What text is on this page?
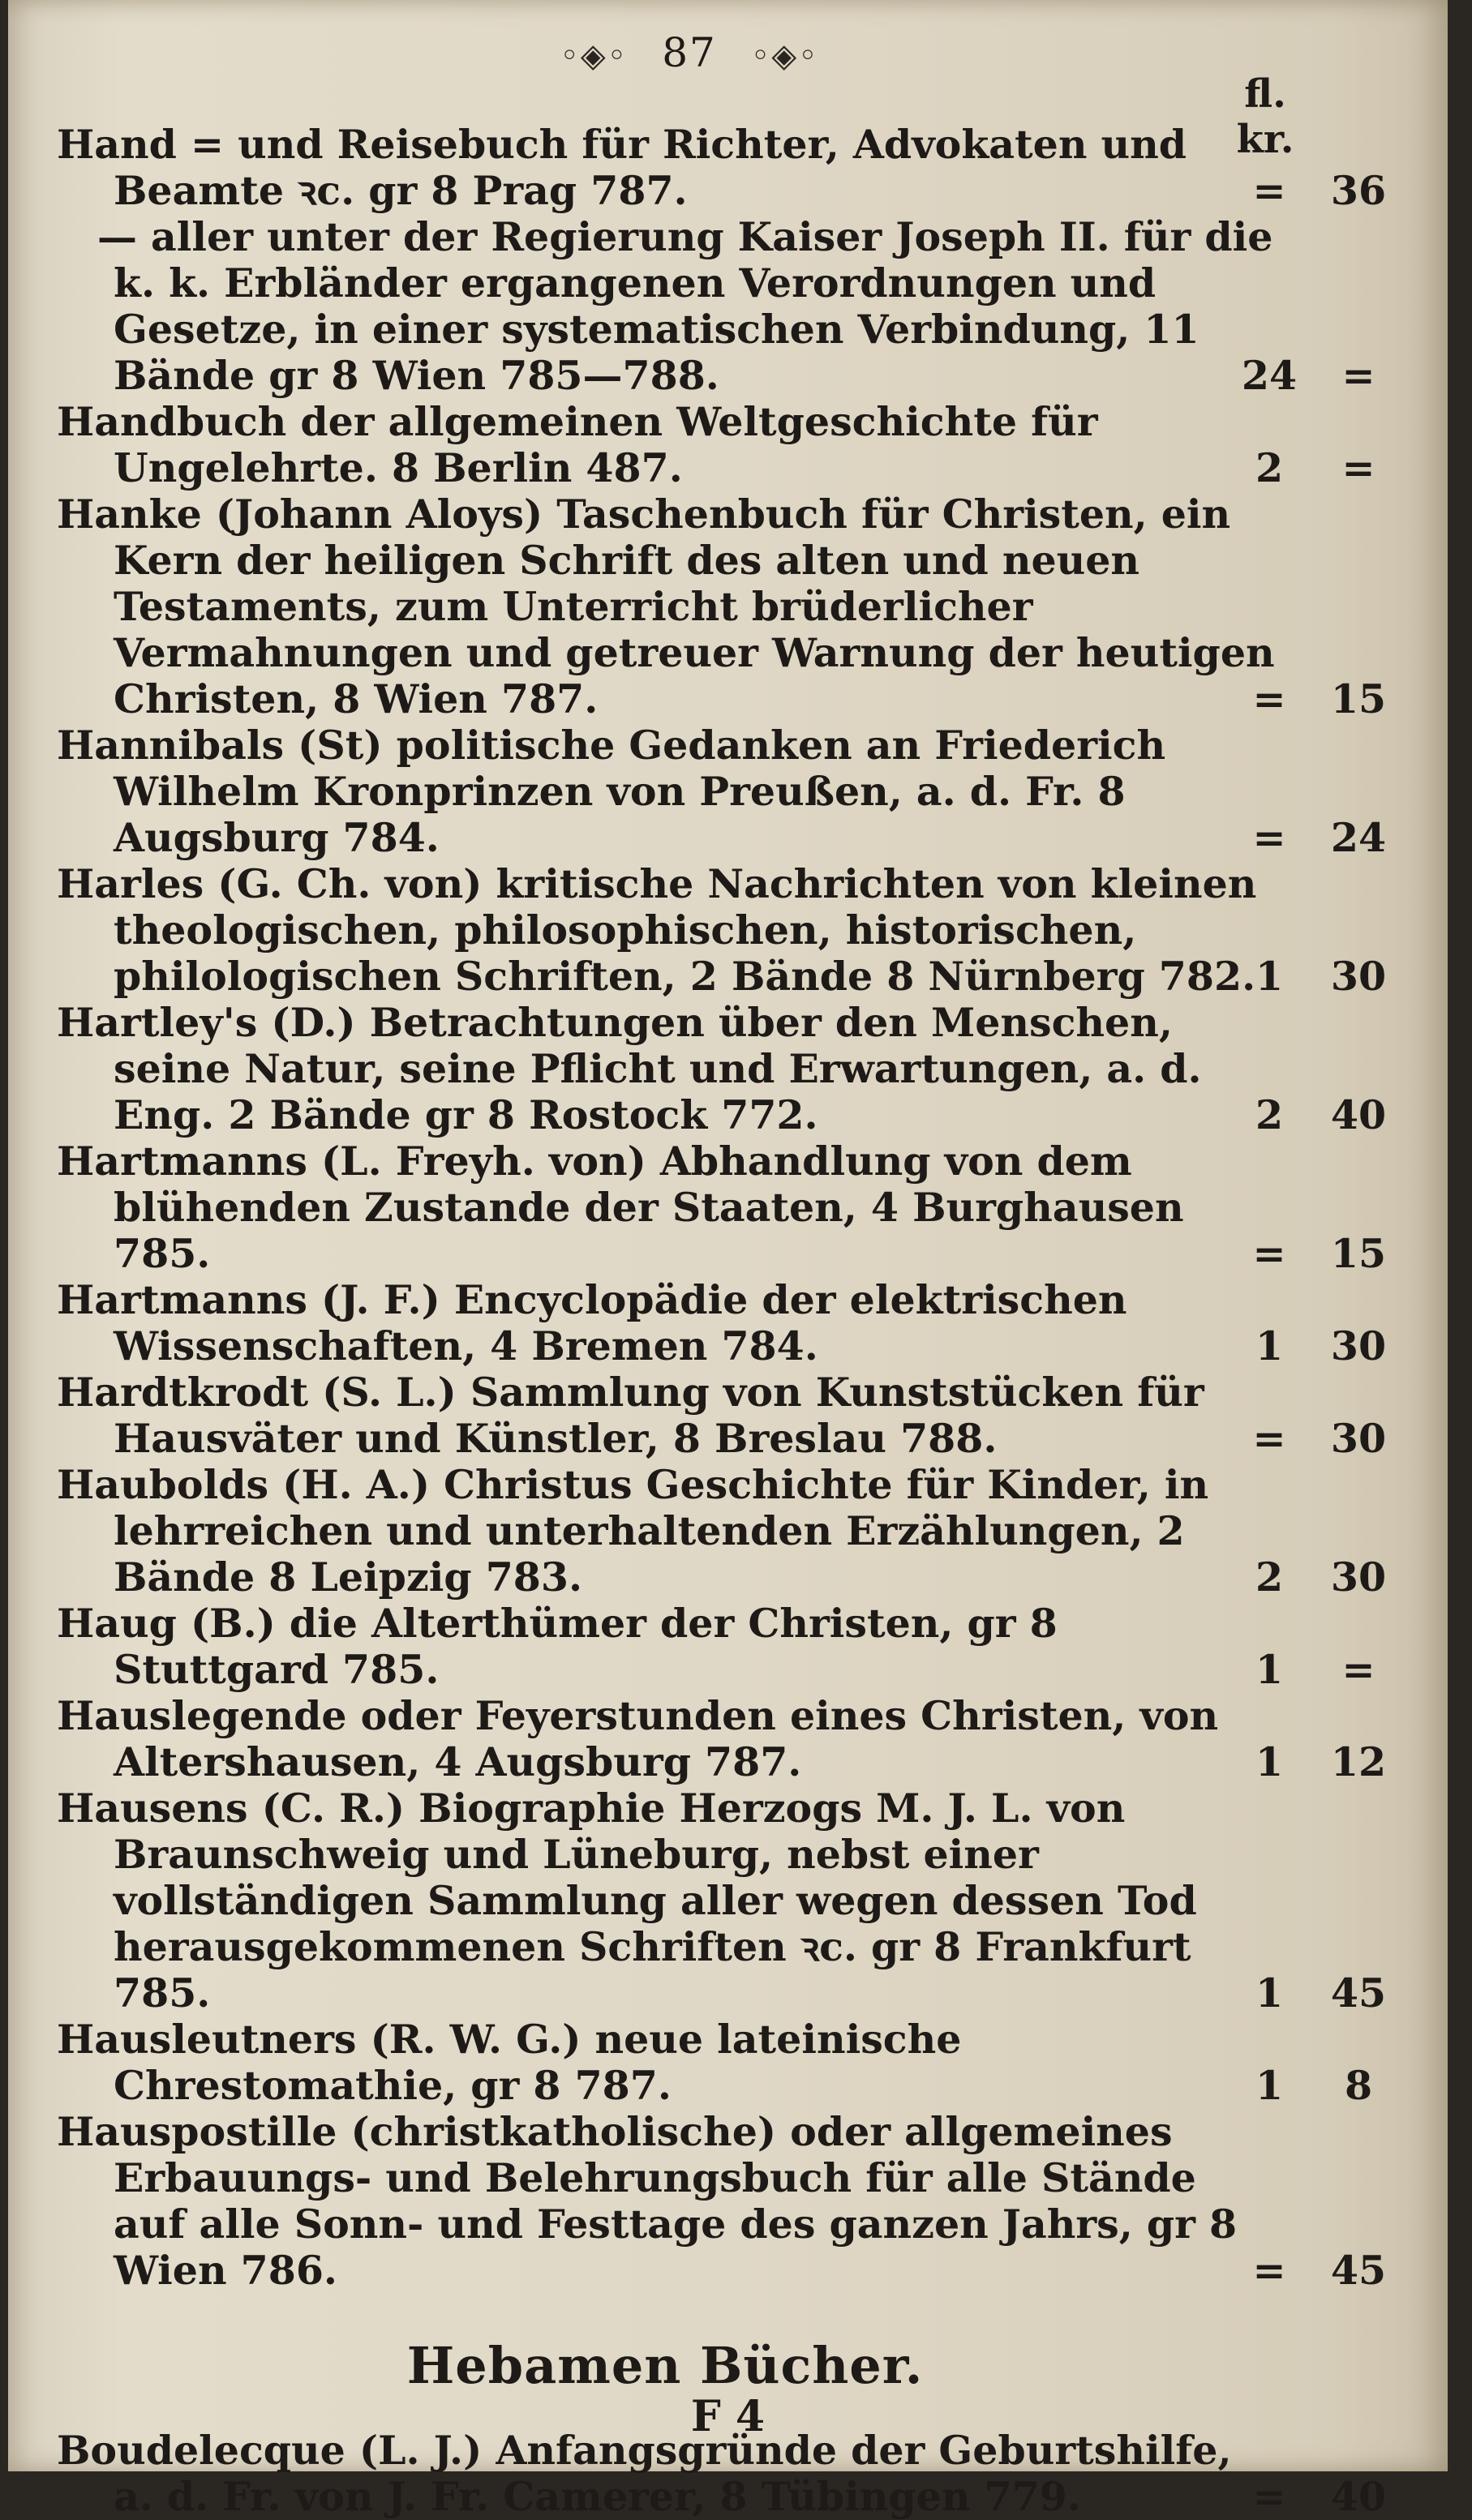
◦◈◦ 87 ◦◈◦
fl. kr.
Hand = und Reisebuch für Richter, Advokaten und Beamte ꝛc. gr 8 Prag 787.	= 36
— aller unter der Regierung Kaiser Joseph II. für die k. k. Erbländer ergangenen Verordnungen und Gesetze, in einer systematischen Verbindung, 11 Bände gr 8 Wien 785—788.	24 =
Handbuch der allgemeinen Weltgeschichte für Ungelehrte. 8 Berlin 487.	2 =
Hanke (Johann Aloys) Taschenbuch für Christen, ein Kern der heiligen Schrift des alten und neuen Testaments, zum Unterricht brüderlicher Vermahnungen und getreuer Warnung der heutigen Christen, 8 Wien 787.	= 15
Hannibals (St) politische Gedanken an Friederich Wilhelm Kronprinzen von Preußen, a. d. Fr. 8 Augsburg 784.	= 24
Harles (G. Ch. von) kritische Nachrichten von kleinen theologischen, philosophischen, historischen, philologischen Schriften, 2 Bände 8 Nürnberg 782. 1 30
Hartley's (D.) Betrachtungen über den Menschen, seine Natur, seine Pflicht und Erwartungen, a. d. Eng. 2 Bände gr 8 Rostock 772.	2 40
Hartmanns (L. Freyh. von) Abhandlung von dem blühenden Zustande der Staaten, 4 Burghausen 785.	= 15
Hartmanns (J. F.) Encyclopädie der elektrischen Wissenschaften, 4 Bremen 784.	1 30
Hardtkrodt (S. L.) Sammlung von Kunststücken für Hausväter und Künstler, 8 Breslau 788.	= 30
Haubolds (H. A.) Christus Geschichte für Kinder, in lehrreichen und unterhaltenden Erzählungen, 2 Bände 8 Leipzig 783.	2 30
Haug (B.) die Alterthümer der Christen, gr 8 Stuttgard 785.	1 =
Hauslegende oder Feyerstunden eines Christen, von Altershausen, 4 Augsburg 787.	1 12
Hausens (C. R.) Biographie Herzogs M. J. L. von Braunschweig und Lüneburg, nebst einer vollständigen Sammlung aller wegen dessen Tod herausgekommenen Schriften ꝛc. gr 8 Frankfurt 785.	1 45
Hausleutners (R. W. G.) neue lateinische Chrestomathie, gr 8 787.	1 8
Hauspostille (christkatholische) oder allgemeines Erbauungs- und Belehrungsbuch für alle Stände auf alle Sonn- und Festtage des ganzen Jahrs, gr 8 Wien 786.	= 45
Hebamen Bücher.
Boudelecque (L. J.) Anfangsgründe der Geburtshilfe, a. d. Fr. von J. Fr. Camerer, 8 Tübingen 779.	= 40
F 4
